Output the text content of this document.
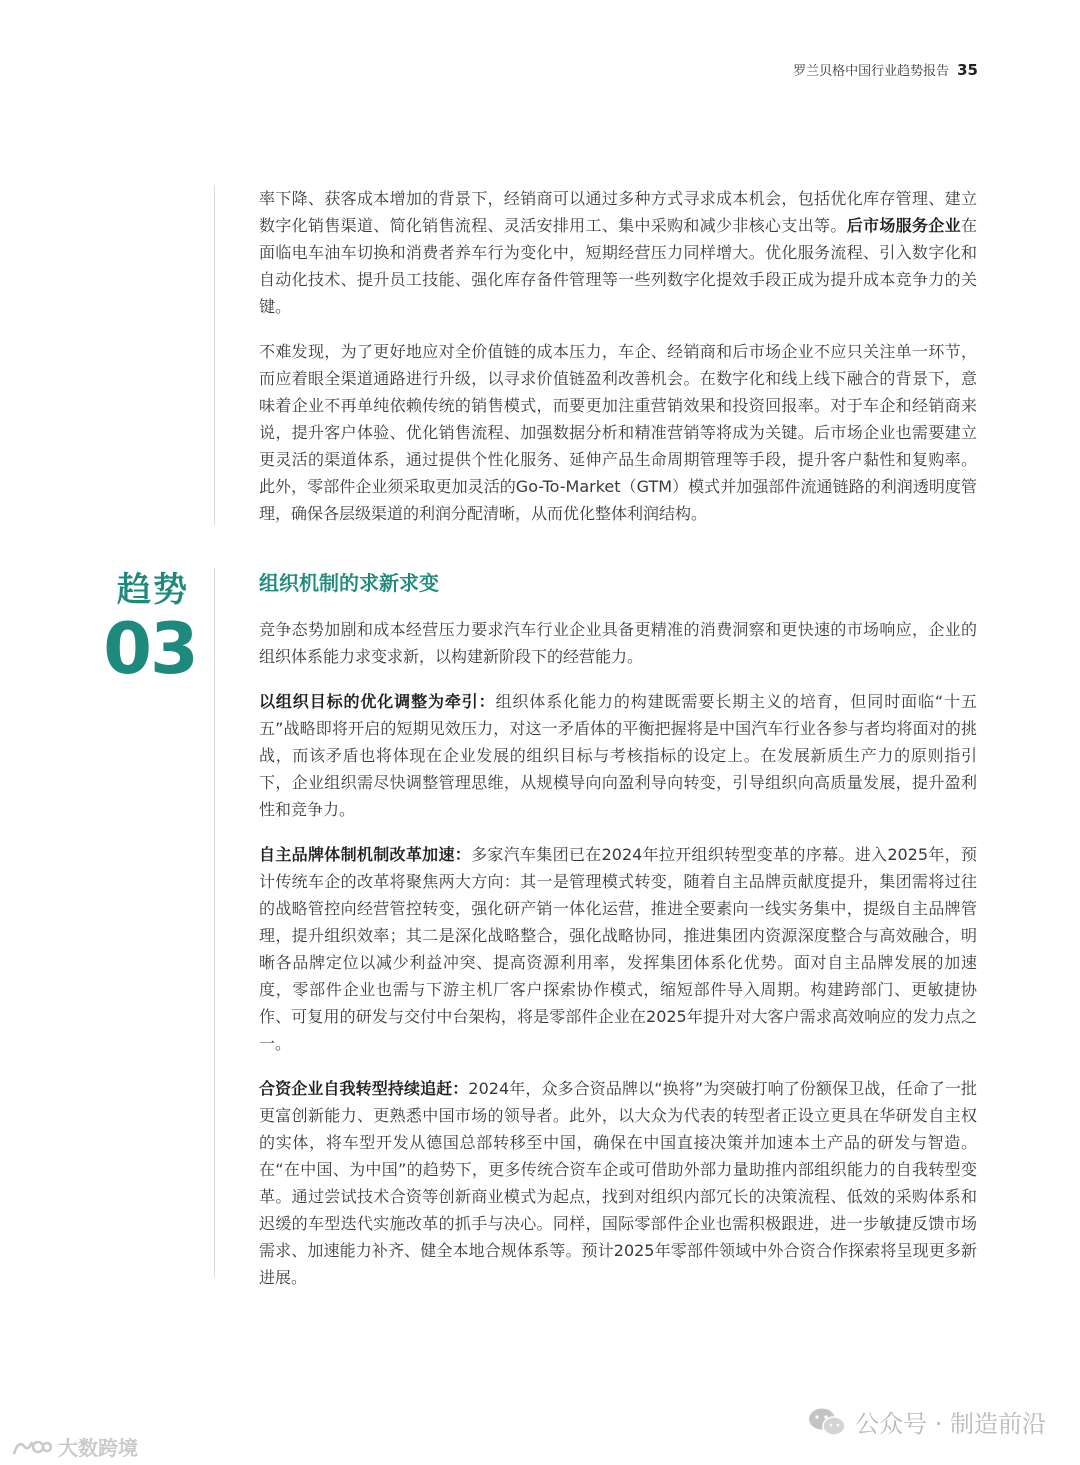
罗兰贝格中国行业趋势报告 35

率下降、获客成本增加的背景下，经销商可以通过多种方式寻求成本机会，包括优化库存管理、建立数字化销售渠道、简化销售流程、灵活安排用工、集中采购和减少非核心支出等。后市场服务企业在面临电车油车切换和消费者养车行为变化中，短期经营压力同样增大。优化服务流程、引入数字化和自动化技术、提升员工技能、强化库存备件管理等一些列数字化提效手段正成为提升成本竞争力的关键。

不难发现，为了更好地应对全价值链的成本压力，车企、经销商和后市场企业不应只关注单一环节，而应着眼全渠道通路进行升级，以寻求价值链盈利改善机会。在数字化和线上线下融合的背景下，意味着企业不再单纯依赖传统的销售模式，而要更加注重营销效果和投资回报率。对于车企和经销商来说，提升客户体验、优化销售流程、加强数据分析和精准营销等将成为关键。后市场企业也需要建立更灵活的渠道体系，通过提供个性化服务、延伸产品生命周期管理等手段，提升客户黏性和复购率。此外，零部件企业须采取更加灵活的Go-To-Market（GTM）模式并加强部件流通链路的利润透明度管理，确保各层级渠道的利润分配清晰，从而优化整体利润结构。

趋势
03
组织机制的求新求变

竞争态势加剧和成本经营压力要求汽车行业企业具备更精准的消费洞察和更快速的市场响应，企业的组织体系能力求变求新，以构建新阶段下的经营能力。

以组织目标的优化调整为牵引：组织体系化能力的构建既需要长期主义的培育，但同时面临“十五五”战略即将开启的短期见效压力，对这一矛盾体的平衡把握将是中国汽车行业各参与者均将面对的挑战，而该矛盾也将体现在企业发展的组织目标与考核指标的设定上。在发展新质生产力的原则指引下，企业组织需尽快调整管理思维，从规模导向向盈利导向转变，引导组织向高质量发展，提升盈利性和竞争力。

自主品牌体制机制改革加速：多家汽车集团已在2024年拉开组织转型变革的序幕。进入2025年，预计传统车企的改革将聚焦两大方向：其一是管理模式转变，随着自主品牌贡献度提升，集团需将过往的战略管控向经营管控转变，强化研产销一体化运营，推进全要素向一线实务集中，提级自主品牌管理，提升组织效率；其二是深化战略整合，强化战略协同，推进集团内资源深度整合与高效融合，明晰各品牌定位以减少利益冲突、提高资源利用率，发挥集团体系化优势。面对自主品牌发展的加速度，零部件企业也需与下游主机厂客户探索协作模式，缩短部件导入周期。构建跨部门、更敏捷协作、可复用的研发与交付中台架构，将是零部件企业在2025年提升对大客户需求高效响应的发力点之一。

合资企业自我转型持续追赶：2024年，众多合资品牌以“换将”为突破打响了份额保卫战，任命了一批更富创新能力、更熟悉中国市场的领导者。此外，以大众为代表的转型者正设立更具在华研发自主权的实体，将车型开发从德国总部转移至中国，确保在中国直接决策并加速本土产品的研发与智造。在“在中国、为中国”的趋势下，更多传统合资车企或可借助外部力量助推内部组织能力的自我转型变革。通过尝试技术合资等创新商业模式为起点，找到对组织内部冗长的决策流程、低效的采购体系和迟缓的车型迭代实施改革的抓手与决心。同样，国际零部件企业也需积极跟进，进一步敏捷反馈市场需求、加速能力补齐、健全本地合规体系等。预计2025年零部件领域中外合资合作探索将呈现更多新进展。

大数跨境
公众号 · 制造前沿
